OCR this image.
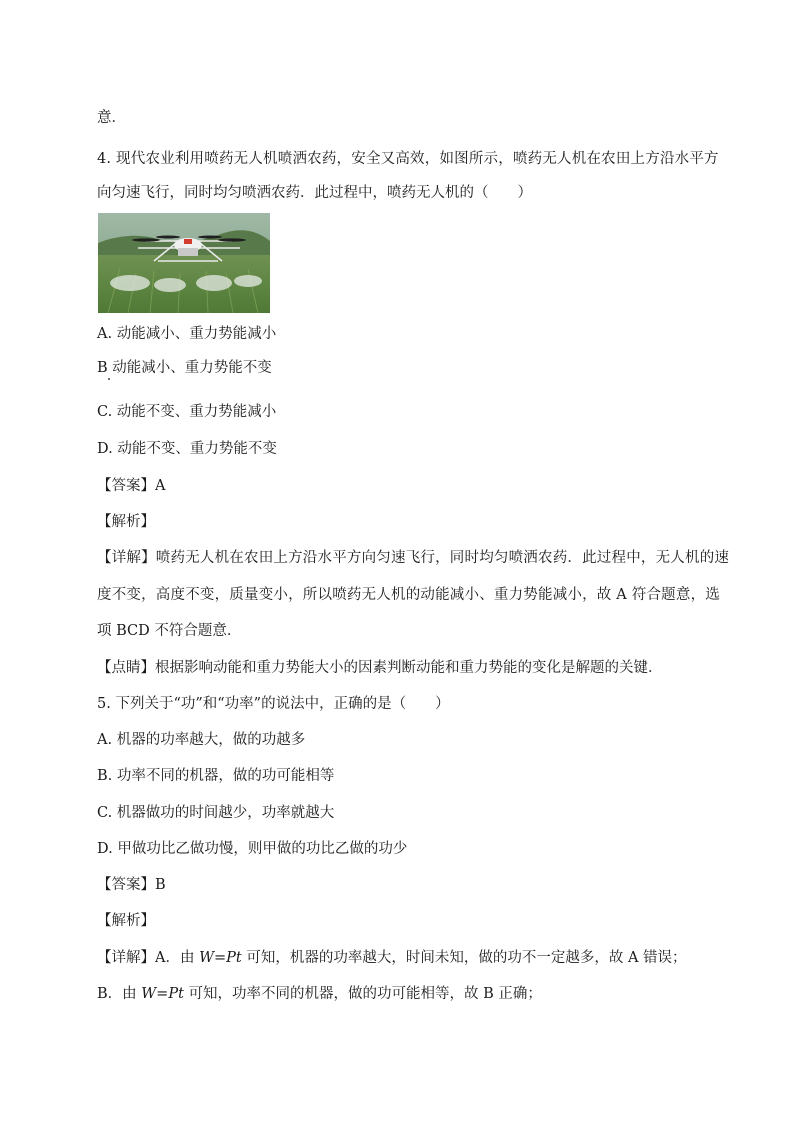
意．
4. 现代农业利用喷药无人机喷洒农药，安全又高效，如图所示，喷药无人机在农田上方沿水平方
向匀速飞行，同时均匀喷洒农药．此过程中，喷药无人机的（　　）
A. 动能减小、重力势能减小
B 动能减小、重力势能不变
C. 动能不变、重力势能减小
D. 动能不变、重力势能不变
【答案】A
【解析】
【详解】喷药无人机在农田上方沿水平方向匀速飞行，同时均匀喷洒农药．此过程中，无人机的速
度不变，高度不变，质量变小，所以喷药无人机的动能减小、重力势能减小，故 A 符合题意，选
项 BCD 不符合题意．
【点睛】根据影响动能和重力势能大小的因素判断动能和重力势能的变化是解题的关键．
5. 下列关于“功”和“功率”的说法中，正确的是（　　）
A. 机器的功率越大，做的功越多
B. 功率不同的机器，做的功可能相等
C. 机器做功的时间越少，功率就越大
D. 甲做功比乙做功慢，则甲做的功比乙做的功少
【答案】B
【解析】
【详解】A．由 W=Pt 可知，机器的功率越大，时间未知，做的功不一定越多，故 A 错误；
B．由 W=Pt 可知，功率不同的机器，做的功可能相等，故 B 正确；
